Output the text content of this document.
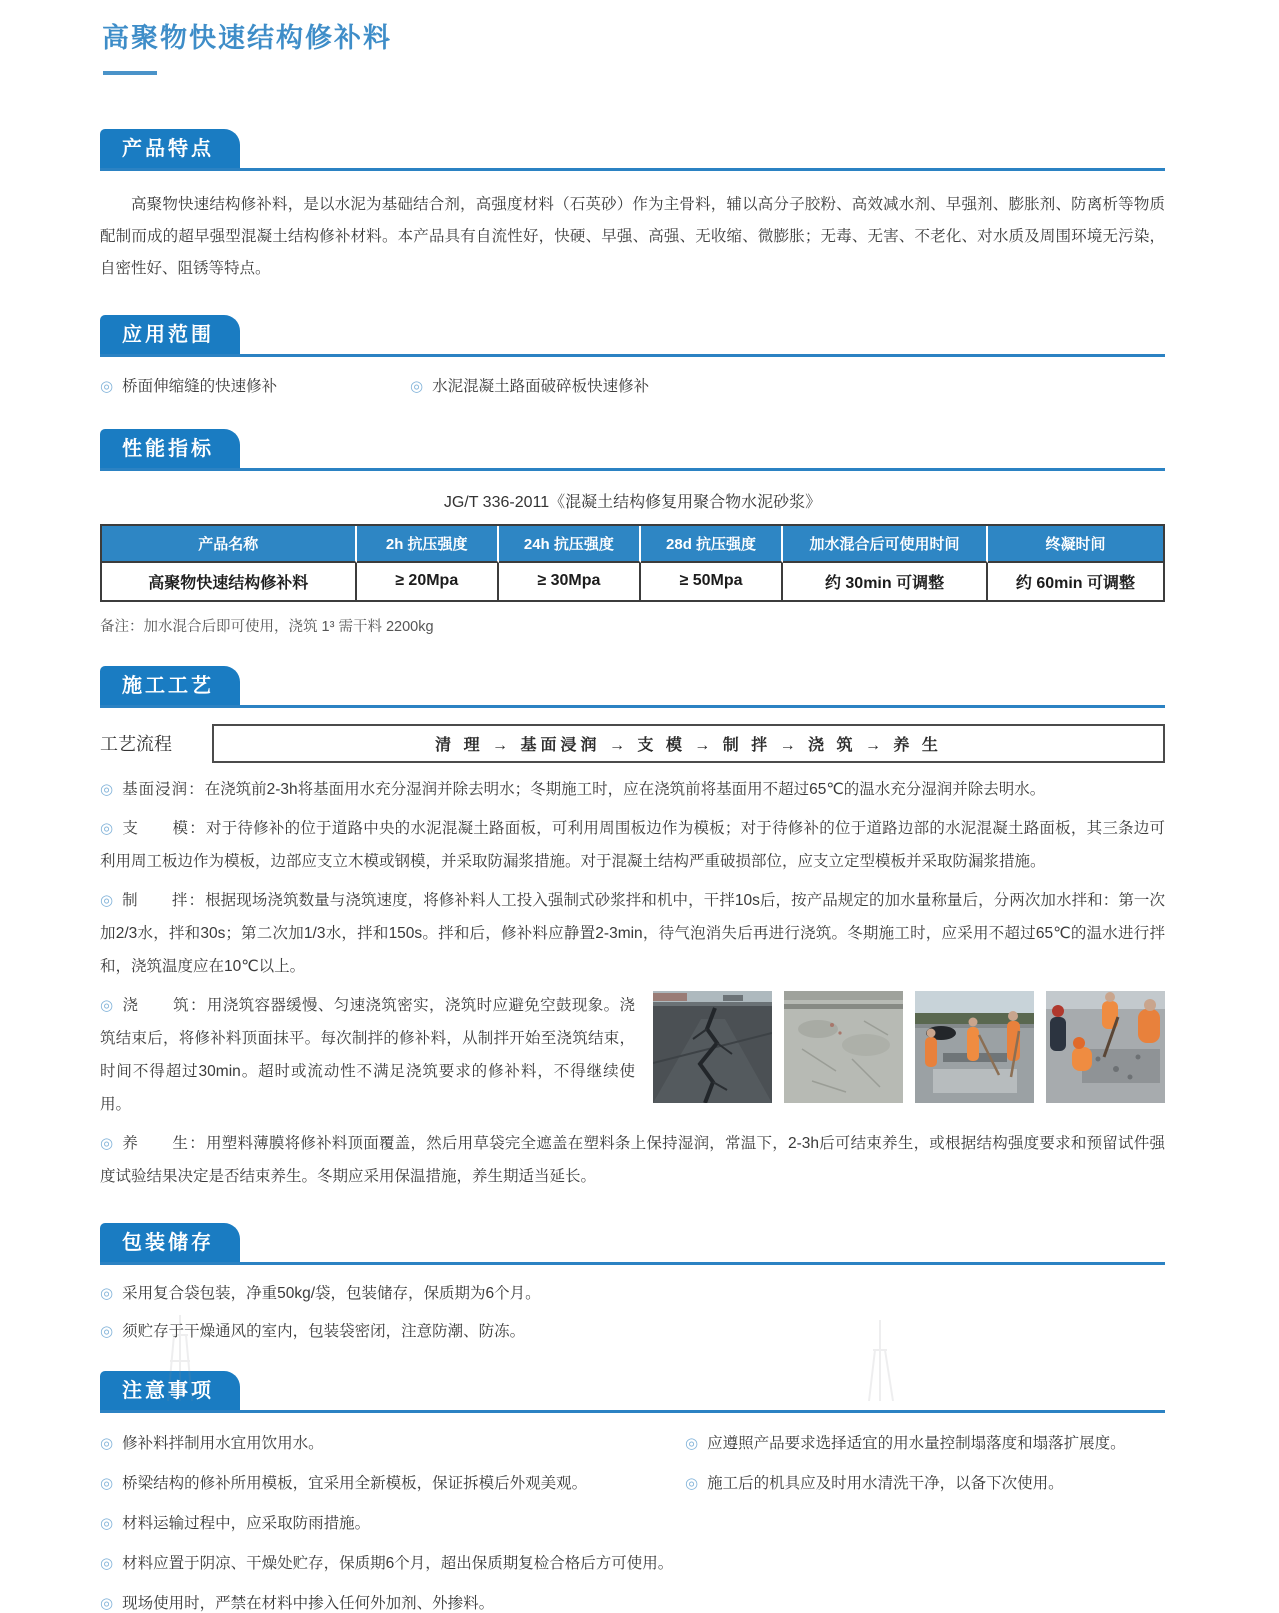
高聚物快速结构修补料
产品特点

高聚物快速结构修补料，是以水泥为基础结合剂，高强度材料（石英砂）作为主骨料，辅以高分子胶粉、高效减水剂、早强剂、膨胀剂、防离析等物质配制而成的超早强型混凝土结构修补材料。本产品具有自流性好，快硬、早强、高强、无收缩、微膨胀；无毒、无害、不老化、对水质及周围环境无污染，自密性好、阻锈等特点。

应用范围
◎ 桥面伸缩缝的快速修补	◎ 水泥混凝土路面破碎板快速修补
性能指标
JG/T 336-2011《混凝土结构修复用聚合物水泥砂浆》
产品名称	2h 抗压强度	24h 抗压强度	28d 抗压强度	加水混合后可使用时间	终凝时间
高聚物快速结构修补料	≥ 20Mpa	≥ 30Mpa	≥ 50Mpa	约 30min 可调整	约 60min 可调整
备注：加水混合后即可使用，浇筑 1³ 需干料 2200kg
施工工艺
工艺流程	清 理 → 基面浸润 → 支 模 → 制 拌 → 浇 筑 → 养 生

◎ 基面浸润：在浇筑前2-3h将基面用水充分湿润并除去明水；冬期施工时，应在浇筑前将基面用不超过65℃的温水充分湿润并除去明水。

◎ 支　　模：对于待修补的位于道路中央的水泥混凝土路面板，可利用周围板边作为模板；对于待修补的位于道路边部的水泥混凝土路面板，其三条边可利用周工板边作为模板，边部应支立木模或钢模，并采取防漏浆措施。对于混凝土结构严重破损部位，应支立定型模板并采取防漏浆措施。

◎ 制　　拌：根据现场浇筑数量与浇筑速度，将修补料人工投入强制式砂浆拌和机中，干拌10s后，按产品规定的加水量称量后，分两次加水拌和：第一次加2/3水，拌和30s；第二次加1/3水，拌和150s。拌和后，修补料应静置2-3min，待气泡消失后再进行浇筑。冬期施工时，应采用不超过65℃的温水进行拌和，浇筑温度应在10℃以上。

◎ 浇　　筑：用浇筑容器缓慢、匀速浇筑密实，浇筑时应避免空鼓现象。浇筑结束后，将修补料顶面抹平。每次制拌的修补料，从制拌开始至浇筑结束，时间不得超过30min。超时或流动性不满足浇筑要求的修补料，不得继续使用。

◎ 养　　生：用塑料薄膜将修补料顶面覆盖，然后用草袋完全遮盖在塑料条上保持湿润，常温下，2-3h后可结束养生，或根据结构强度要求和预留试件强度试验结果决定是否结束养生。冬期应采用保温措施，养生期适当延长。

包装储存
◎ 采用复合袋包装，净重50kg/袋，包装储存，保质期为6个月。
◎ 须贮存于干燥通风的室内，包装袋密闭，注意防潮、防冻。
注意事项
◎ 修补料拌制用水宜用饮用水。	◎ 应遵照产品要求选择适宜的用水量控制塌落度和塌落扩展度。
◎ 桥梁结构的修补所用模板，宜采用全新模板，保证拆模后外观美观。	◎ 施工后的机具应及时用水清洗干净，以备下次使用。
◎ 材料运输过程中，应采取防雨措施。
◎ 材料应置于阴凉、干燥处贮存，保质期6个月，超出保质期复检合格后方可使用。
◎ 现场使用时，严禁在材料中掺入任何外加剂、外掺料。
